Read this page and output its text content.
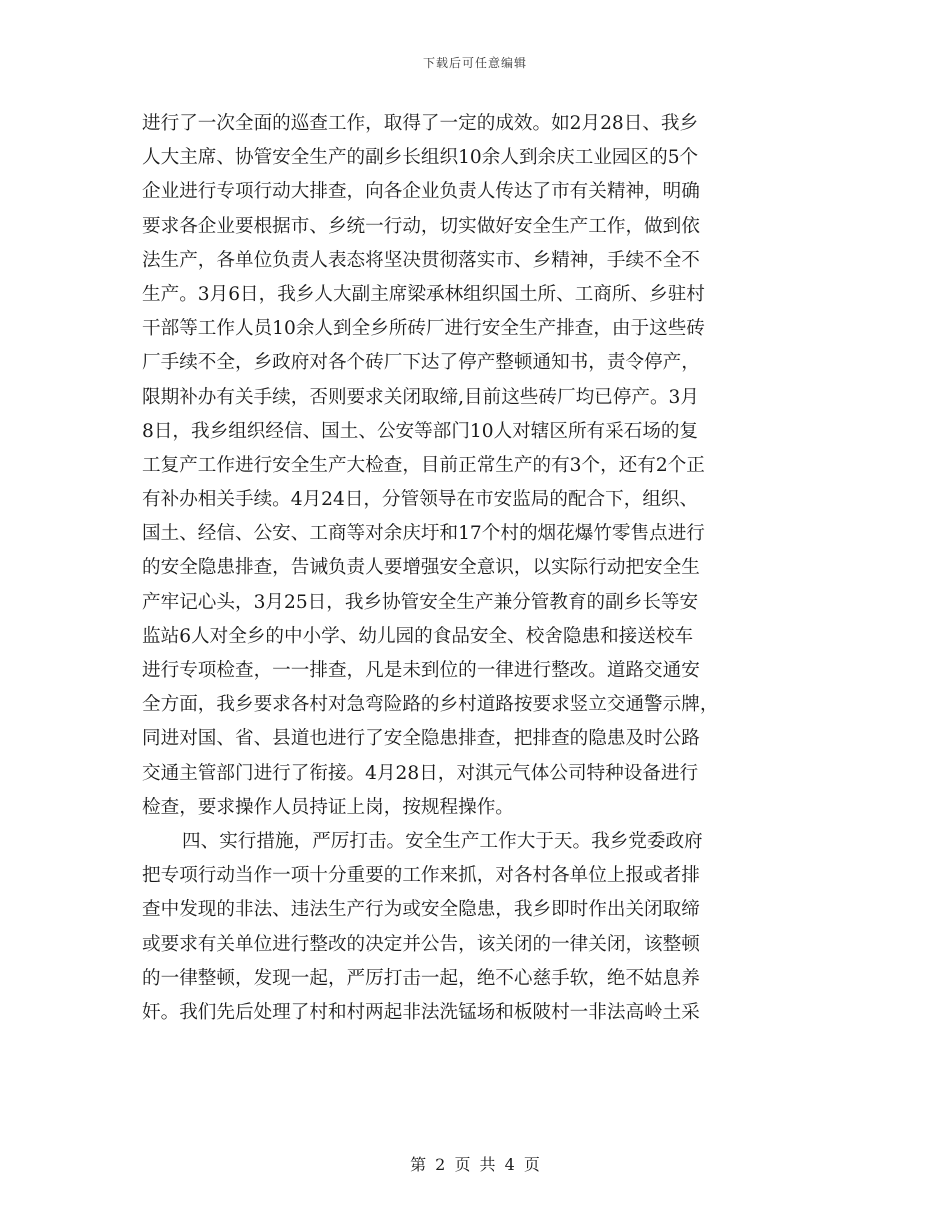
下载后可任意编辑
进行了一次全面的巡查工作，取得了一定的成效。如2月28日、我乡
人大主席、协管安全生产的副乡长组织10余人到余庆工业园区的5个
企业进行专项行动大排查，向各企业负责人传达了市有关精神，明确
要求各企业要根据市、乡统一行动，切实做好安全生产工作，做到依
法生产，各单位负责人表态将坚决贯彻落实市、乡精神，手续不全不
生产。3月6日，我乡人大副主席梁承林组织国土所、工商所、乡驻村
干部等工作人员10余人到全乡所砖厂进行安全生产排查，由于这些砖
厂手续不全，乡政府对各个砖厂下达了停产整顿通知书，责令停产，
限期补办有关手续，否则要求关闭取缔,目前这些砖厂均已停产。3月
8日，我乡组织经信、国土、公安等部门10人对辖区所有采石场的复
工复产工作进行安全生产大检查，目前正常生产的有3个，还有2个正
有补办相关手续。4月24日，分管领导在市安监局的配合下，组织、
国土、经信、公安、工商等对余庆圩和17个村的烟花爆竹零售点进行
的安全隐患排查，告诫负责人要增强安全意识，以实际行动把安全生
产牢记心头，3月25日，我乡协管安全生产兼分管教育的副乡长等安
监站6人对全乡的中小学、幼儿园的食品安全、校舍隐患和接送校车
进行专项检查，一一排查，凡是未到位的一律进行整改。道路交通安
全方面，我乡要求各村对急弯险路的乡村道路按要求竖立交通警示牌，
同进对国、省、县道也进行了安全隐患排查，把排查的隐患及时公路
交通主管部门进行了衔接。4月28日，对淇元气体公司特种设备进行
检查，要求操作人员持证上岗，按规程操作。
四、实行措施，严厉打击。安全生产工作大于天。我乡党委政府
把专项行动当作一项十分重要的工作来抓，对各村各单位上报或者排
查中发现的非法、违法生产行为或安全隐患，我乡即时作出关闭取缔
或要求有关单位进行整改的决定并公告，该关闭的一律关闭，该整顿
的一律整顿，发现一起，严厉打击一起，绝不心慈手软，绝不姑息养
奸。我们先后处理了村和村两起非法洗锰场和板陂村一非法高岭土采
第 2 页 共 4 页
